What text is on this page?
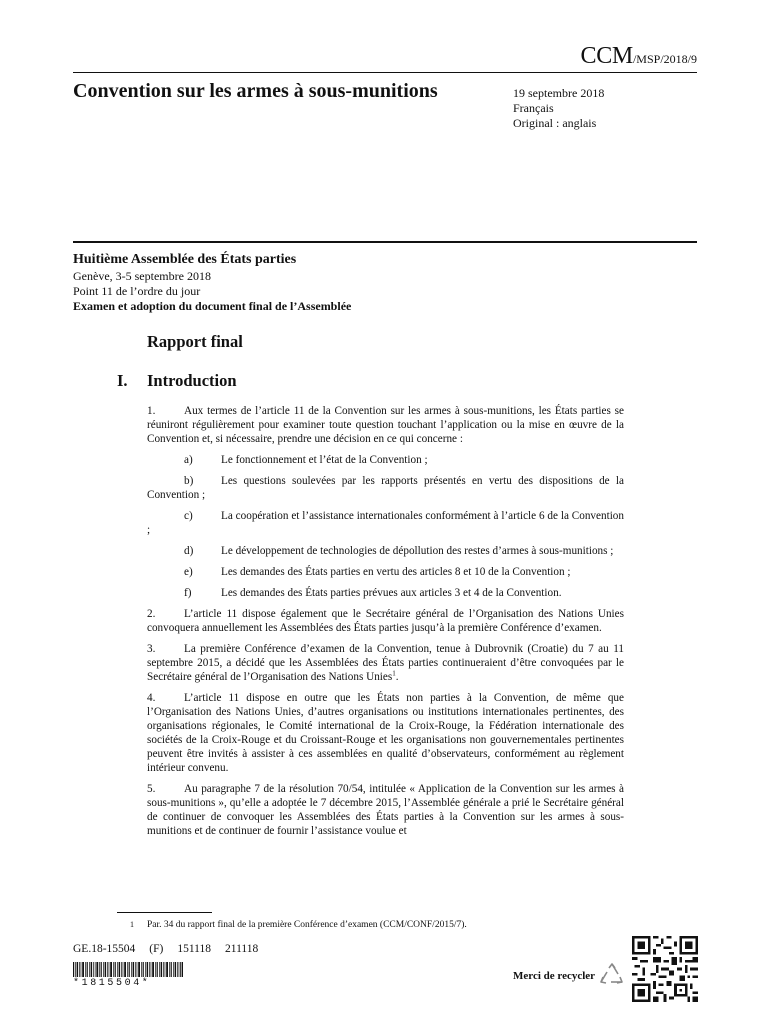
CCM/MSP/2018/9
Convention sur les armes à sous-munitions	19 septembre 2018
Français
Original : anglais
Huitième Assemblée des États parties
Genève, 3-5 septembre 2018
Point 11 de l’ordre du jour
Examen et adoption du document final de l’Assemblée
Rapport final
I. Introduction

1.	Aux termes de l’article 11 de la Convention sur les armes à sous-munitions, les États parties se réuniront régulièrement pour examiner toute question touchant l’application ou la mise en œuvre de la Convention et, si nécessaire, prendre une décision en ce qui concerne :

a)	Le fonctionnement et l’état de la Convention ;
b) Les questions soulevées par les rapports présentés en vertu des dispositions de la Convention ;
c)	La coopération et l’assistance internationales conformément à l’article 6 de la Convention ;
d) Le développement de technologies de dépollution des restes d’armes à sous-munitions ;
e)	Les demandes des États parties en vertu des articles 8 et 10 de la Convention ;
f)	Les demandes des États parties prévues aux articles 3 et 4 de la Convention.

2.	L’article 11 dispose également que le Secrétaire général de l’Organisation des Nations Unies convoquera annuellement les Assemblées des États parties jusqu’à la première Conférence d’examen.

3.	La première Conférence d’examen de la Convention, tenue à Dubrovnik (Croatie) du 7 au 11 septembre 2015, a décidé que les Assemblées des États parties continueraient d’être convoquées par le Secrétaire général de l’Organisation des Nations Unies$^1$.

4.	L’article 11 dispose en outre que les États non parties à la Convention, de même que l’Organisation des Nations Unies, d’autres organisations ou institutions internationales pertinentes, des organisations régionales, le Comité international de la Croix-Rouge, la Fédération internationale des sociétés de la Croix-Rouge et du Croissant-Rouge et les organisations non gouvernementales pertinentes peuvent être invités à assister à ces assemblées en qualité d’observateurs, conformément au règlement intérieur convenu.

5.	Au paragraphe 7 de la résolution 70/54, intitulée « Application de la Convention sur les armes à sous-munitions », qu’elle a adoptée le 7 décembre 2015, l’Assemblée générale a prié le Secrétaire général de continuer de convoquer les Assemblées des États parties à la Convention sur les armes à sous-munitions et de continuer de fournir l’assistance voulue et

1 Par. 34 du rapport final de la première Conférence d’examen (CCM/CONF/2015/7).
GE.18-15504 (F) 151118 211118
*1815504*
Merci de recycler
